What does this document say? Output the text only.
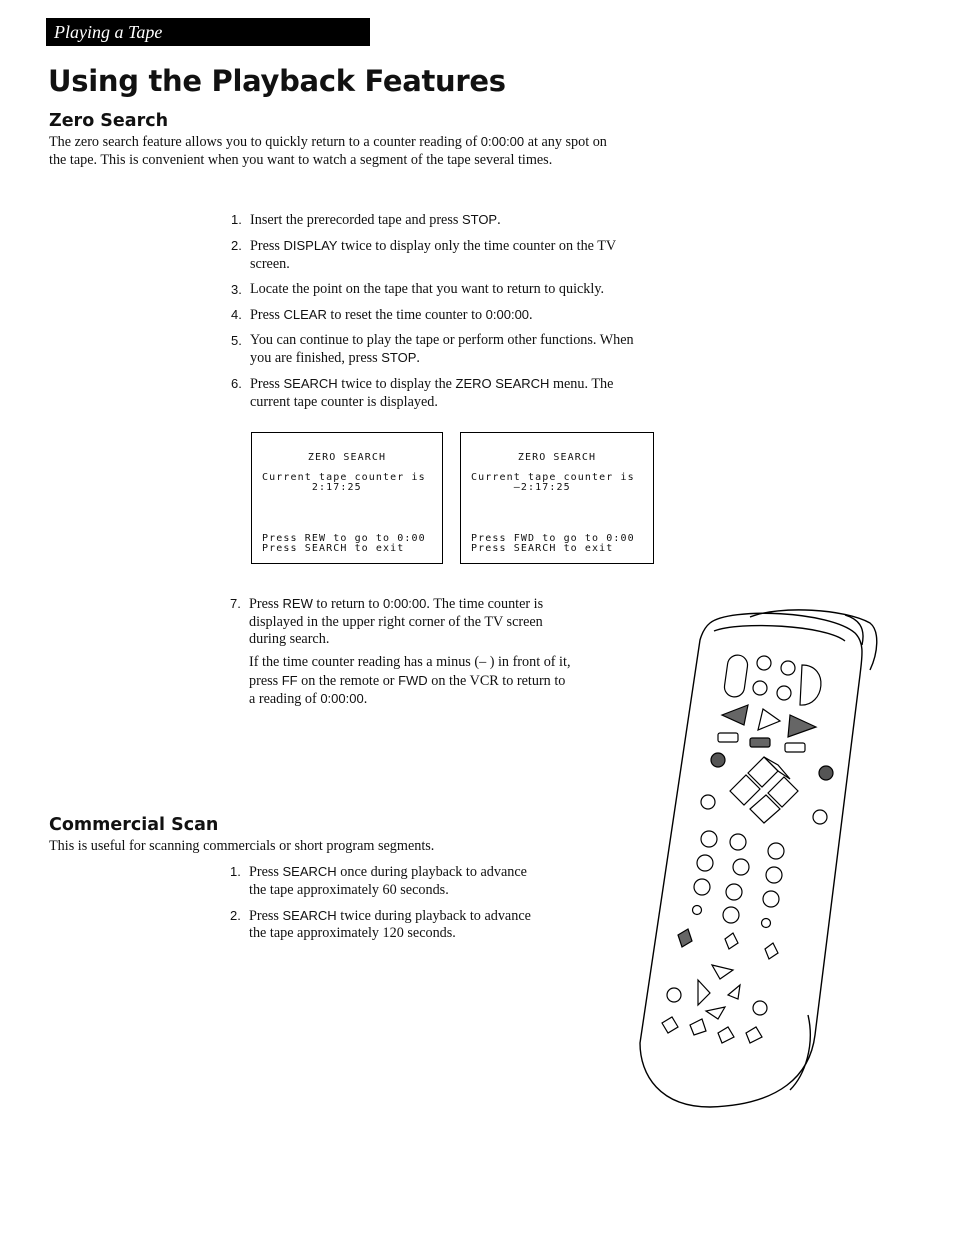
Playing a Tape
Using the Playback Features
Zero Search

The zero search feature allows you to quickly return to a counter reading of 0:00:00 at any spot on the tape. This is convenient when you want to watch a segment of the tape several times.

1. Insert the prerecorded tape and press STOP.
2. Press DISPLAY twice to display only the time counter on the TV screen.
3. Locate the point on the tape that you want to return to quickly.
4. Press CLEAR to reset the time counter to 0:00:00.
5. You can continue to play the tape or perform other functions. When you are finished, press STOP.
6. Press SEARCH twice to display the ZERO SEARCH menu. The current tape counter is displayed.
ZERO SEARCH
Current tape counter is
2:17:25
Press REW to go to 0:00
Press SEARCH to exit
ZERO SEARCH
Current tape counter is
–2:17:25
Press FWD to go to 0:00
Press SEARCH to exit
7. Press REW to return to 0:00:00. The time counter is displayed in the upper right corner of the TV screen during search.

If the time counter reading has a minus (– ) in front of it, press FF on the remote or FWD on the VCR to return to a reading of 0:00:00.

Commercial Scan

This is useful for scanning commercials or short program segments.

1. Press SEARCH once during playback to advance the tape approximately 60 seconds.
2. Press SEARCH twice during playback to advance the tape approximately 120 seconds.
